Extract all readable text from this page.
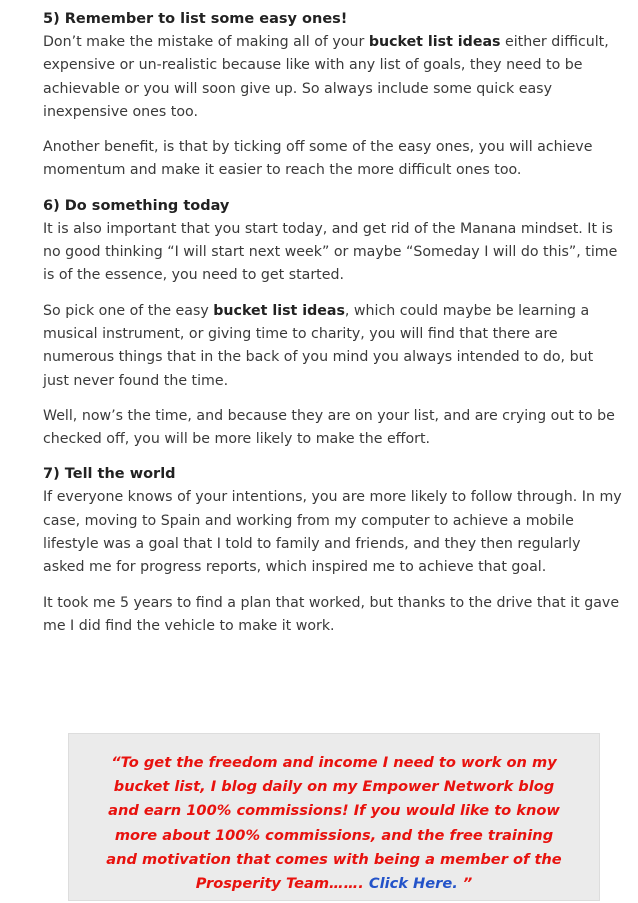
5) Remember to list some easy ones!

Don’t make the mistake of making all of your bucket list ideas either difficult, expensive or un-realistic because like with any list of goals, they need to be achievable or you will soon give up. So always include some quick easy inexpensive ones too.

Another benefit, is that by ticking off some of the easy ones, you will achieve momentum and make it easier to reach the more difficult ones too.

6) Do something today

It is also important that you start today, and get rid of the Manana mindset. It is no good thinking “I will start next week” or maybe “Someday I will do this”, time is of the essence, you need to get started.

So pick one of the easy bucket list ideas, which could maybe be learning a musical instrument, or giving time to charity, you will find that there are numerous things that in the back of you mind you always intended to do, but just never found the time.

Well, now’s the time, and because they are on your list, and are crying out to be checked off, you will be more likely to make the effort.

7) Tell the world

If everyone knows of your intentions, you are more likely to follow through. In my case, moving to Spain and working from my computer to achieve a mobile lifestyle was a goal that I told to family and friends, and they then regularly asked me for progress reports, which inspired me to achieve that goal.

It took me 5 years to find a plan that worked, but thanks to the drive that it gave me I did find the vehicle to make it work.

“To get the freedom and income I need to work on my bucket list, I blog daily on my Empower Network blog and earn 100% commissions! If you would like to know more about 100% commissions, and the free training and motivation that comes with being a member of the Prosperity Team……. Click Here. ”
